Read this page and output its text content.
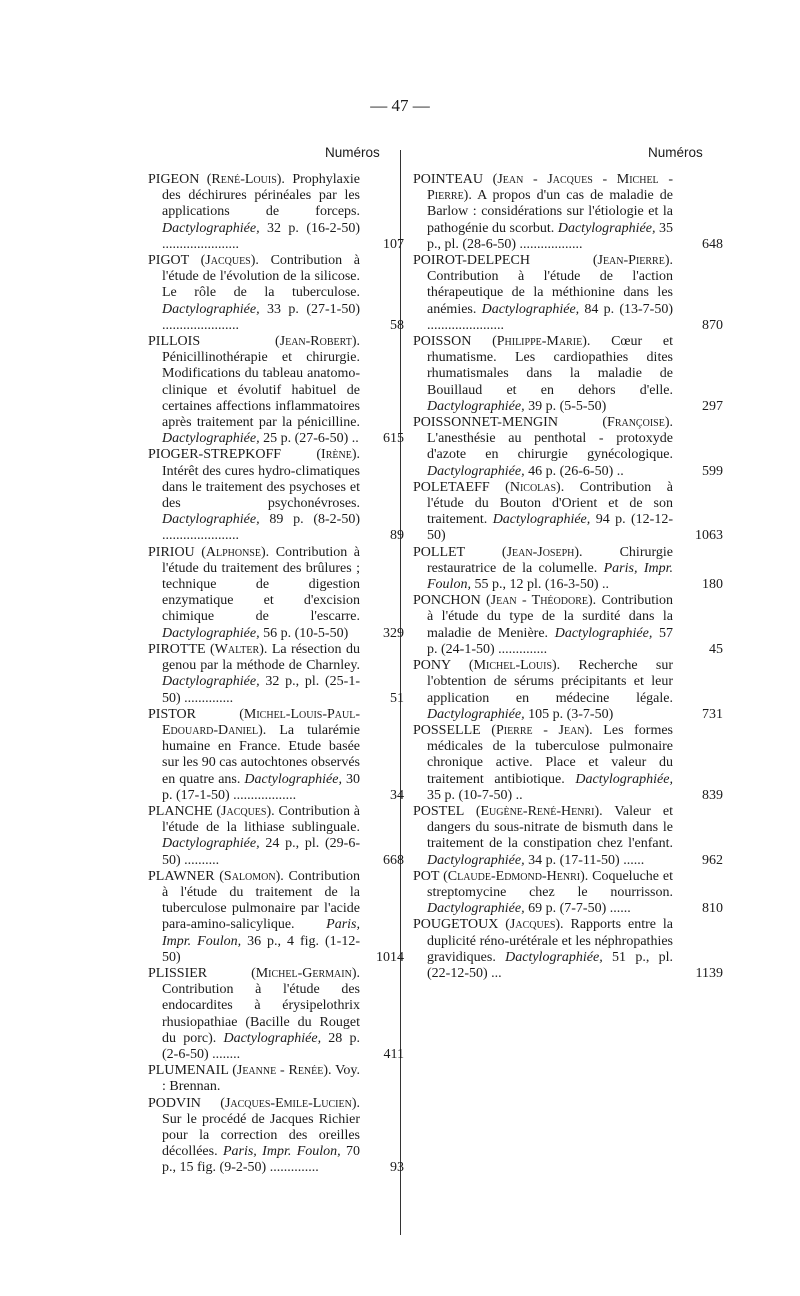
— 47 —
Numéros	Numéros
PIGEON (René-Louis). Prophylaxie des déchirures périnéales par les applications de forceps. Dactylographiée, 32 p. (16-2-50) ......................	107
PIGOT (Jacques). Contribution à l'étude de l'évolution de la silicose. Le rôle de la tuberculose. Dactylographiée, 33 p. (27-1-50) ......................	58
PILLOIS	(Jean-Robert). Pénicillinothérapie et chirurgie. Modifications du tableau anatomo-clinique et évolutif habituel de certaines affections inflammatoires après traitement par la pénicilline. Dactylographiée, 25 p. (27-6-50) ..	615
PIOGER-STREPKOFF	(Irène). Intérêt des cures hydro-climatiques dans le traitement des psychoses et des psychonévroses. Dactylographiée, 89 p. (8-2-50) ......................	89
PIRIOU (Alphonse). Contribution à l'étude du traitement des brûlures ; technique de digestion enzymatique et d'excision chimique de l'escarre. Dactylographiée, 56 p. (10-5-50)	329
PIROTTE (Walter). La résection du genou par la méthode de Charnley. Dactylographiée, 32 p., pl. (25-1-50) ..............	51
PISTOR	(Michel-Louis-Paul-Edouard-Daniel). La tularémie humaine en France. Etude basée sur les 90 cas autochtones observés en quatre ans. Dactylographiée, 30 p. (17-1-50) ..................	34
PLANCHE (Jacques). Contribution à l'étude de la lithiase sublinguale. Dactylographiée, 24 p., pl. (29-6-50) ..........	668
PLAWNER (Salomon). Contribution à l'étude du traitement de la tuberculose pulmonaire par l'acide para-amino-salicylique. Paris, Impr. Foulon, 36 p., 4 fig. (1-12-50)	1014
PLISSIER	(Michel-Germain). Contribution à l'étude des endocardites à érysipelothrix rhusiopathiae (Bacille du Rouget du porc). Dactylographiée, 28 p. (2-6-50) ........	411
PLUMENAIL (Jeanne - Renée). Voy. : Brennan.
PODVIN (Jacques-Emile-Lucien). Sur le procédé de Jacques Richier pour la correction des oreilles décollées. Paris, Impr. Foulon, 70 p., 15 fig. (9-2-50) ..............	93
POINTEAU (Jean - Jacques - Michel - Pierre). A propos d'un cas de maladie de Barlow : considérations sur l'étiologie et la pathogénie du scorbut. Dactylographiée, 35 p., pl. (28-6-50) ..................	648
POIROT-DELPECH	(Jean-Pierre). Contribution à l'étude de l'action thérapeutique de la méthionine dans les anémies. Dactylographiée, 84 p. (13-7-50) ......................	870
POISSON (Philippe-Marie). Cœur et rhumatisme. Les cardiopathies dites rhumatismales dans la maladie de Bouillaud et en dehors d'elle. Dactylographiée, 39 p. (5-5-50)	297
POISSONNET-MENGIN	(Françoise). L'anesthésie au penthotal - protoxyde d'azote en chirurgie gynécologique. Dactylographiée, 46 p. (26-6-50) ..	599
POLETAEFF (Nicolas). Contribution à l'étude du Bouton d'Orient et de son traitement. Dactylographiée, 94 p. (12-12-50)	1063
POLLET	(Jean-Joseph).	Chirurgie restauratrice de la columelle. Paris, Impr. Foulon, 55 p., 12 pl. (16-3-50) ..	180
PONCHON (Jean - Théodore). Contribution à l'étude du type de la surdité dans la maladie de Menière. Dactylographiée, 57 p. (24-1-50) ..............	45
PONY (Michel-Louis). Recherche sur l'obtention de sérums précipitants et leur application en médecine légale. Dactylographiée, 105 p. (3-7-50)	731
POSSELLE (Pierre - Jean). Les formes médicales de la tuberculose pulmonaire chronique active. Place et valeur du traitement antibiotique. Dactylographiée, 35 p. (10-7-50) ..	839
POSTEL (Eugène-René-Henri). Valeur et dangers du sous-nitrate de bismuth dans le traitement de la constipation chez l'enfant. Dactylographiée, 34 p. (17-11-50) ......	962
POT (Claude-Edmond-Henri). Coqueluche et streptomycine chez le nourrisson. Dactylographiée, 69 p. (7-7-50) ......	810
POUGETOUX (Jacques). Rapports entre la duplicité réno-urétérale et les néphropathies gravidiques. Dactylographiée, 51 p., pl. (22-12-50) ...	1139
